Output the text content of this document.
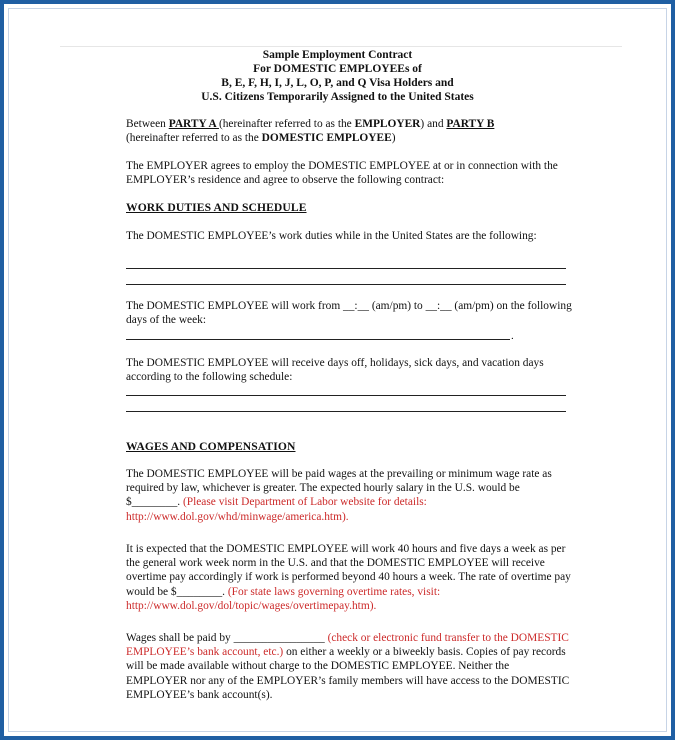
Sample Employment Contract
For DOMESTIC EMPLOYEEs of
B, E, F, H, I, J, L, O, P, and Q Visa Holders and
U.S. Citizens Temporarily Assigned to the United States
Between PARTY A (hereinafter referred to as the EMPLOYER) and PARTY B
(hereinafter referred to as the DOMESTIC EMPLOYEE)
The EMPLOYER agrees to employ the DOMESTIC EMPLOYEE at or in connection with the EMPLOYER’s residence and agree to observe the following contract:
WORK DUTIES AND SCHEDULE
The DOMESTIC EMPLOYEE’s work duties while in the United States are the following:
The DOMESTIC EMPLOYEE will work from __:__ (am/pm) to __:__ (am/pm) on the following days of the week:
.
The DOMESTIC EMPLOYEE will receive days off, holidays, sick days, and vacation days according to the following schedule:
WAGES AND COMPENSATION
The DOMESTIC EMPLOYEE will be paid wages at the prevailing or minimum wage rate as required by law, whichever is greater. The expected hourly salary in the U.S. would be $________. (Please visit Department of Labor website for details: http://www.dol.gov/whd/minwage/america.htm).
It is expected that the DOMESTIC EMPLOYEE will work 40 hours and five days a week as per the general work week norm in the U.S. and that the DOMESTIC EMPLOYEE will receive overtime pay accordingly if work is performed beyond 40 hours a week. The rate of overtime pay would be $________. (For state laws governing overtime rates, visit: http://www.dol.gov/dol/topic/wages/overtimepay.htm).
Wages shall be paid by ________________ (check or electronic fund transfer to the DOMESTIC EMPLOYEE’s bank account, etc.) on either a weekly or a biweekly basis. Copies of pay records will be made available without charge to the DOMESTIC EMPLOYEE. Neither the EMPLOYER nor any of the EMPLOYER’s family members will have access to the DOMESTIC EMPLOYEE’s bank account(s).
